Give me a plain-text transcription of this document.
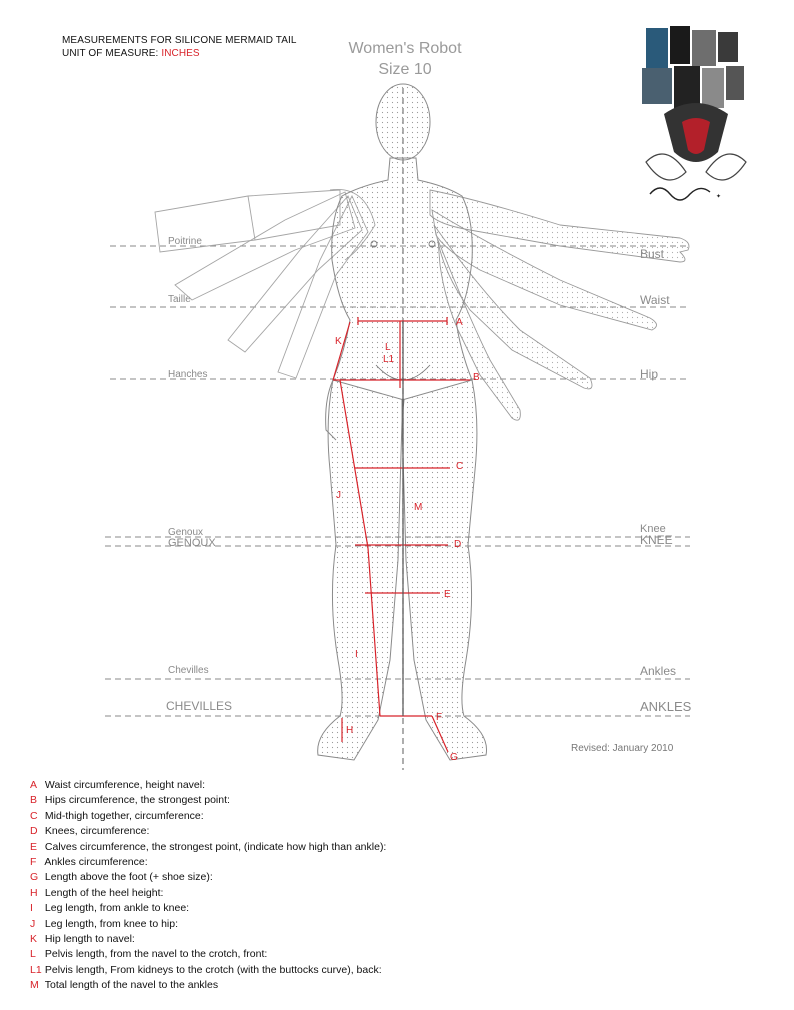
MEASUREMENTS FOR SILICONE MERMAID TAIL
UNIT OF MEASURE: INCHES	Women's Robot
Size 10
✦
Poitrine
Taille
Hanches
Genoux
GENOUX
Chevilles
CHEVILLES
Waist
Hip
Knee
KNEE
Ankles
ANKLES
A
B
C
D
E
F
G
H
I
J
K
L
L1
M
Revised: January 2010
A Waist circumference, height navel:
B Hips circumference, the strongest point:
C Mid-thigh together, circumference:
D Knees, circumference:
E Calves circumference, the strongest point, (indicate how high than ankle):
F Ankles circumference:
G Length above the foot (+ shoe size):
H Length of the heel height:
I Leg length, from ankle to knee:
J Leg length, from knee to hip:
K Hip length to navel:
L Pelvis length, from the navel to the crotch, front:
L1 Pelvis length, From kidneys to the crotch (with the buttocks curve), back:
M Total length of the navel to the ankles
